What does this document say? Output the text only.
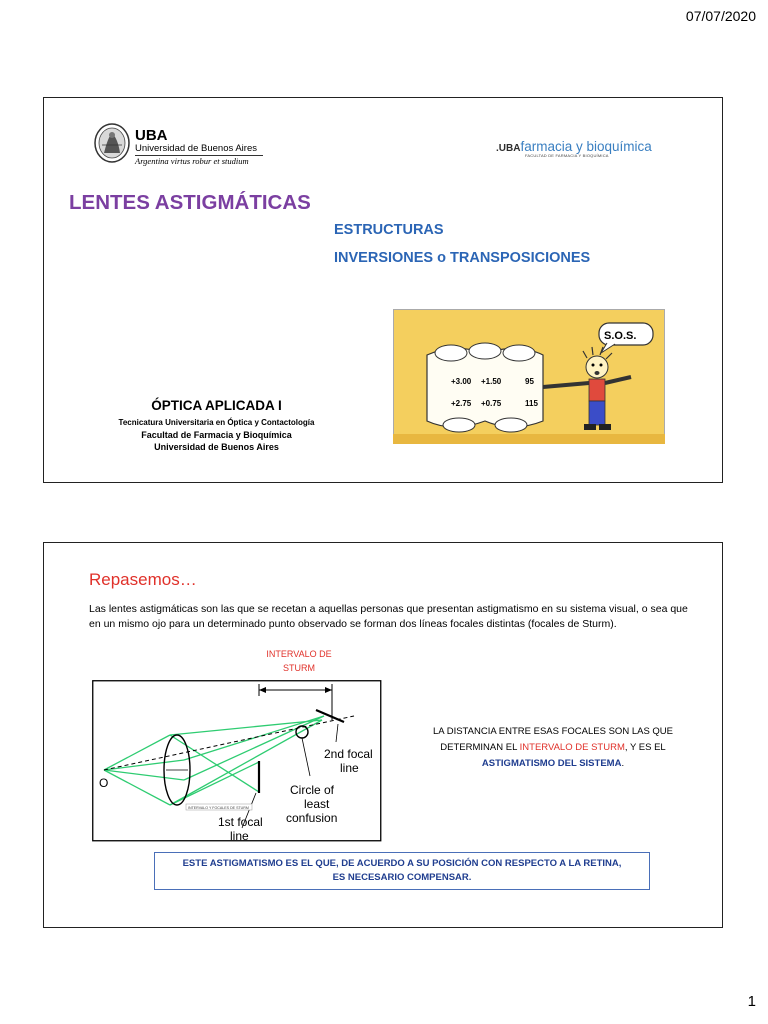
07/07/2020
UBA
Universidad de Buenos Aires
Argentina virtus robur et studium
.UBAfarmacia y bioquímica
FACULTAD DE FARMACIA Y BIOQUÍMICA
LENTES ASTIGMÁTICAS
ESTRUCTURAS
INVERSIONES o TRANSPOSICIONES
ÓPTICA APLICADA I
Tecnicatura Universitaria en Óptica y Contactología
Facultad de Farmacia y Bioquímica
Universidad de Buenos Aires
+3.00 +1.50	95
+2.75 +0.75	115
S.O.S.
Repasemos…
Las lentes astigmáticas son las que se recetan a aquellas personas que presentan astigmatismo en su sistema visual, o sea que en un mismo ojo para un determinado punto observado se forman dos líneas focales distintas (focales de Sturm).
INTERVALO DE
STURM
O
2nd focal
line
Circle of
least
confusion
1st focal
line
INTERVALO Y FOCALES DE STURM
LA DISTANCIA ENTRE ESAS FOCALES SON LAS QUE DETERMINAN EL INTERVALO DE STURM, Y ES EL ASTIGMATISMO DEL SISTEMA.
ESTE ASTIGMATISMO ES EL QUE, DE ACUERDO A SU POSICIÓN CON RESPECTO A LA RETINA,
ES NECESARIO COMPENSAR.
1
